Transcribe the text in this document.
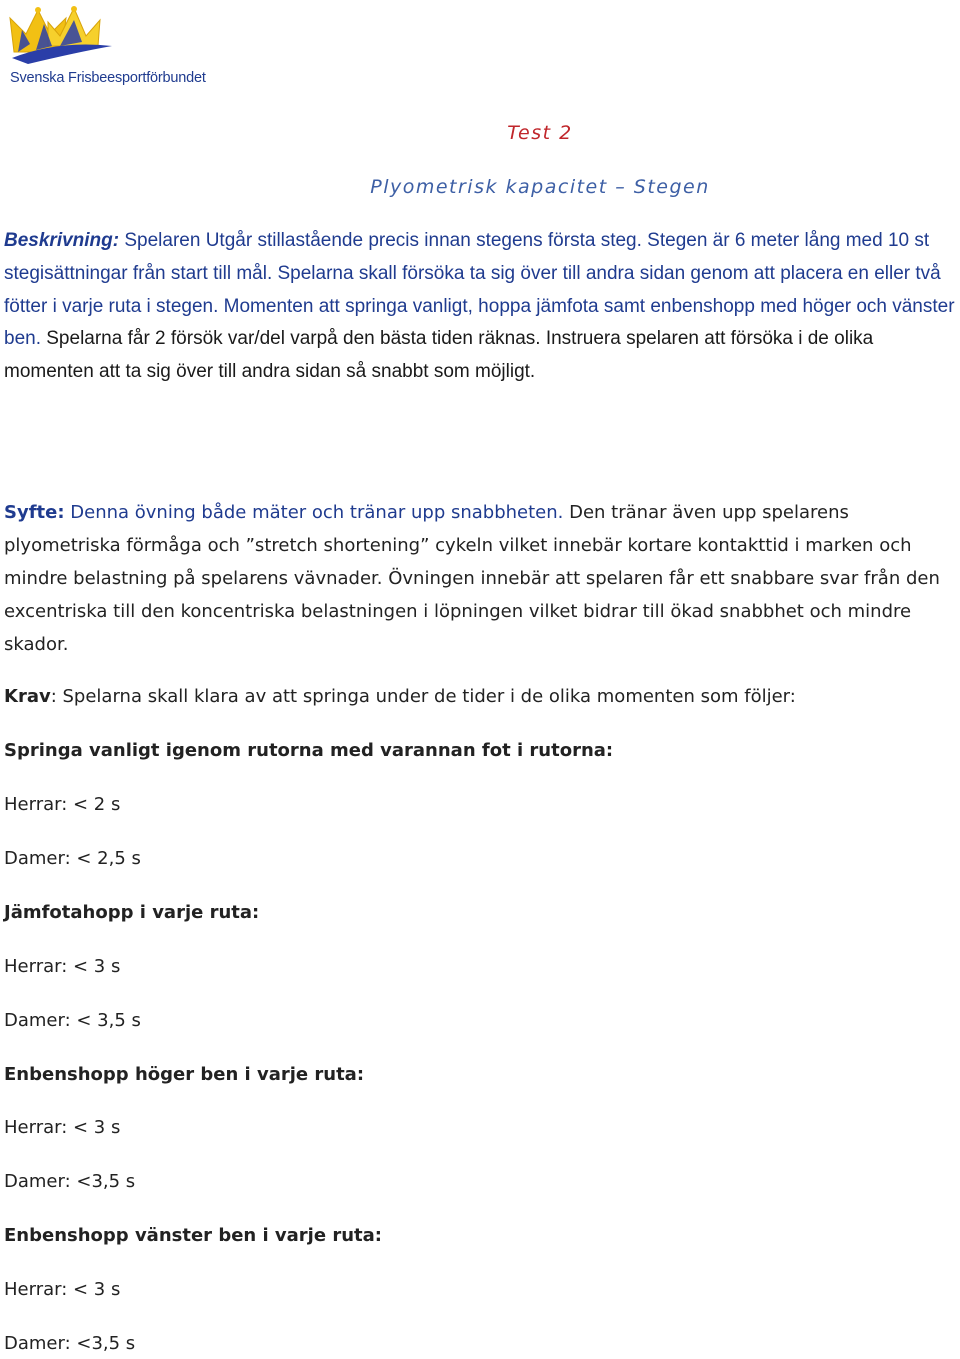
Svenska Frisbeesportförbundet
Test 2
Plyometrisk kapacitet – Stegen
Beskrivning: Spelaren Utgår stillastående precis innan stegens första steg. Stegen är 6 meter lång med 10 st stegisättningar från start till mål. Spelarna skall försöka ta sig över till andra sidan genom att placera en eller två fötter i varje ruta i stegen. Momenten att springa vanligt, hoppa jämfota samt enbenshopp med höger och vänster ben. Spelarna får 2 försök var/del varpå den bästa tiden räknas. Instruera spelaren att försöka i de olika momenten att ta sig över till andra sidan så snabbt som möjligt.
Syfte: Denna övning både mäter och tränar upp snabbheten. Den tränar även upp spelarens plyometriska förmåga och ”stretch shortening” cykeln vilket innebär kortare kontakttid i marken och mindre belastning på spelarens vävnader. Övningen innebär att spelaren får ett snabbare svar från den excentriska till den koncentriska belastningen i löpningen vilket bidrar till ökad snabbhet och mindre skador.
Krav: Spelarna skall klara av att springa under de tider i de olika momenten som följer:
Springa vanligt igenom rutorna med varannan fot i rutorna:
Herrar: < 2 s
Damer: < 2,5 s
Jämfotahopp i varje ruta:
Herrar: < 3 s
Damer: < 3,5 s
Enbenshopp höger ben i varje ruta:
Herrar: < 3 s
Damer: <3,5 s
Enbenshopp vänster ben i varje ruta:
Herrar: < 3 s
Damer: <3,5 s
